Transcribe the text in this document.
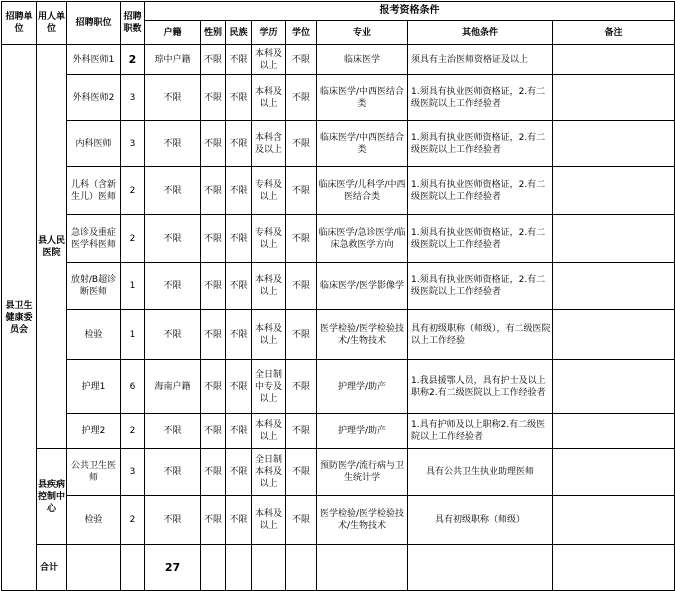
招聘单位	用人单位	招聘职位	招聘职数	报考资格条件								
				户籍	性别	民族	学历	学位	专业	其他条件	备注	
县卫生健康委员会	县人民医院	外科医师1	2	琼中户籍	不限	不限	本科及以上	不限	临床医学	须具有主治医师资格证及以上		
		外科医师2	3	不限	不限	不限	本科及以上	不限	临床医学/中西医结合类	1.须具有执业医师资格证，2.有二级医院以上工作经验者		
		内科医师	3	不限	不限	不限	本科含及以上	不限	临床医学/中西医结合类	1.须具有执业医师资格证，2.有二级医院以上工作经验者		
		儿科（含新生儿）医师	2	不限	不限	不限	专科及以上	不限	临床医学/儿科学/中西医结合类	1.须具有执业医师资格证，2.有二级医院以上工作经验者		
		急诊及重症医学科医师	2	不限	不限	不限	专科及以上	不限	临床医学/急诊医学/临床急救医学方向	1.须具有执业医师资格证，2.有二级医院以上工作经验者		
		放射/B超诊断医师	1	不限	不限	不限	本科及以上	不限	临床医学/医学影像学	1.须具有执业医师资格证，2.有二级医院以上工作经验者		
		检验	1	不限	不限	不限	本科及以上	不限	医学检验/医学检验技术/生物技术	具有初级职称（师级），有二级医院以上工作经验		
		护理1	6	海南户籍	不限	不限	全日制中专及以上	不限	护理学/助产	1.我县援鄂人员，具有护士及以上职称2.有二级医院以上工作经验者		
		护理2	2	不限	不限	不限	本科及以上	不限	护理学/助产	1.具有护师及以上职称2.有二级医院以上工作经验者		
	县疾病控制中心	公共卫生医师	3	不限	不限	不限	全日制本科及以上	不限	预防医学/流行病与卫生统计学	具有公共卫生执业助理医师		
		检验	2	不限	不限	不限	本科及以上	不限	医学检验/医学检验技术/生物技术	具有初级职称（师级）		
	合计			27								
